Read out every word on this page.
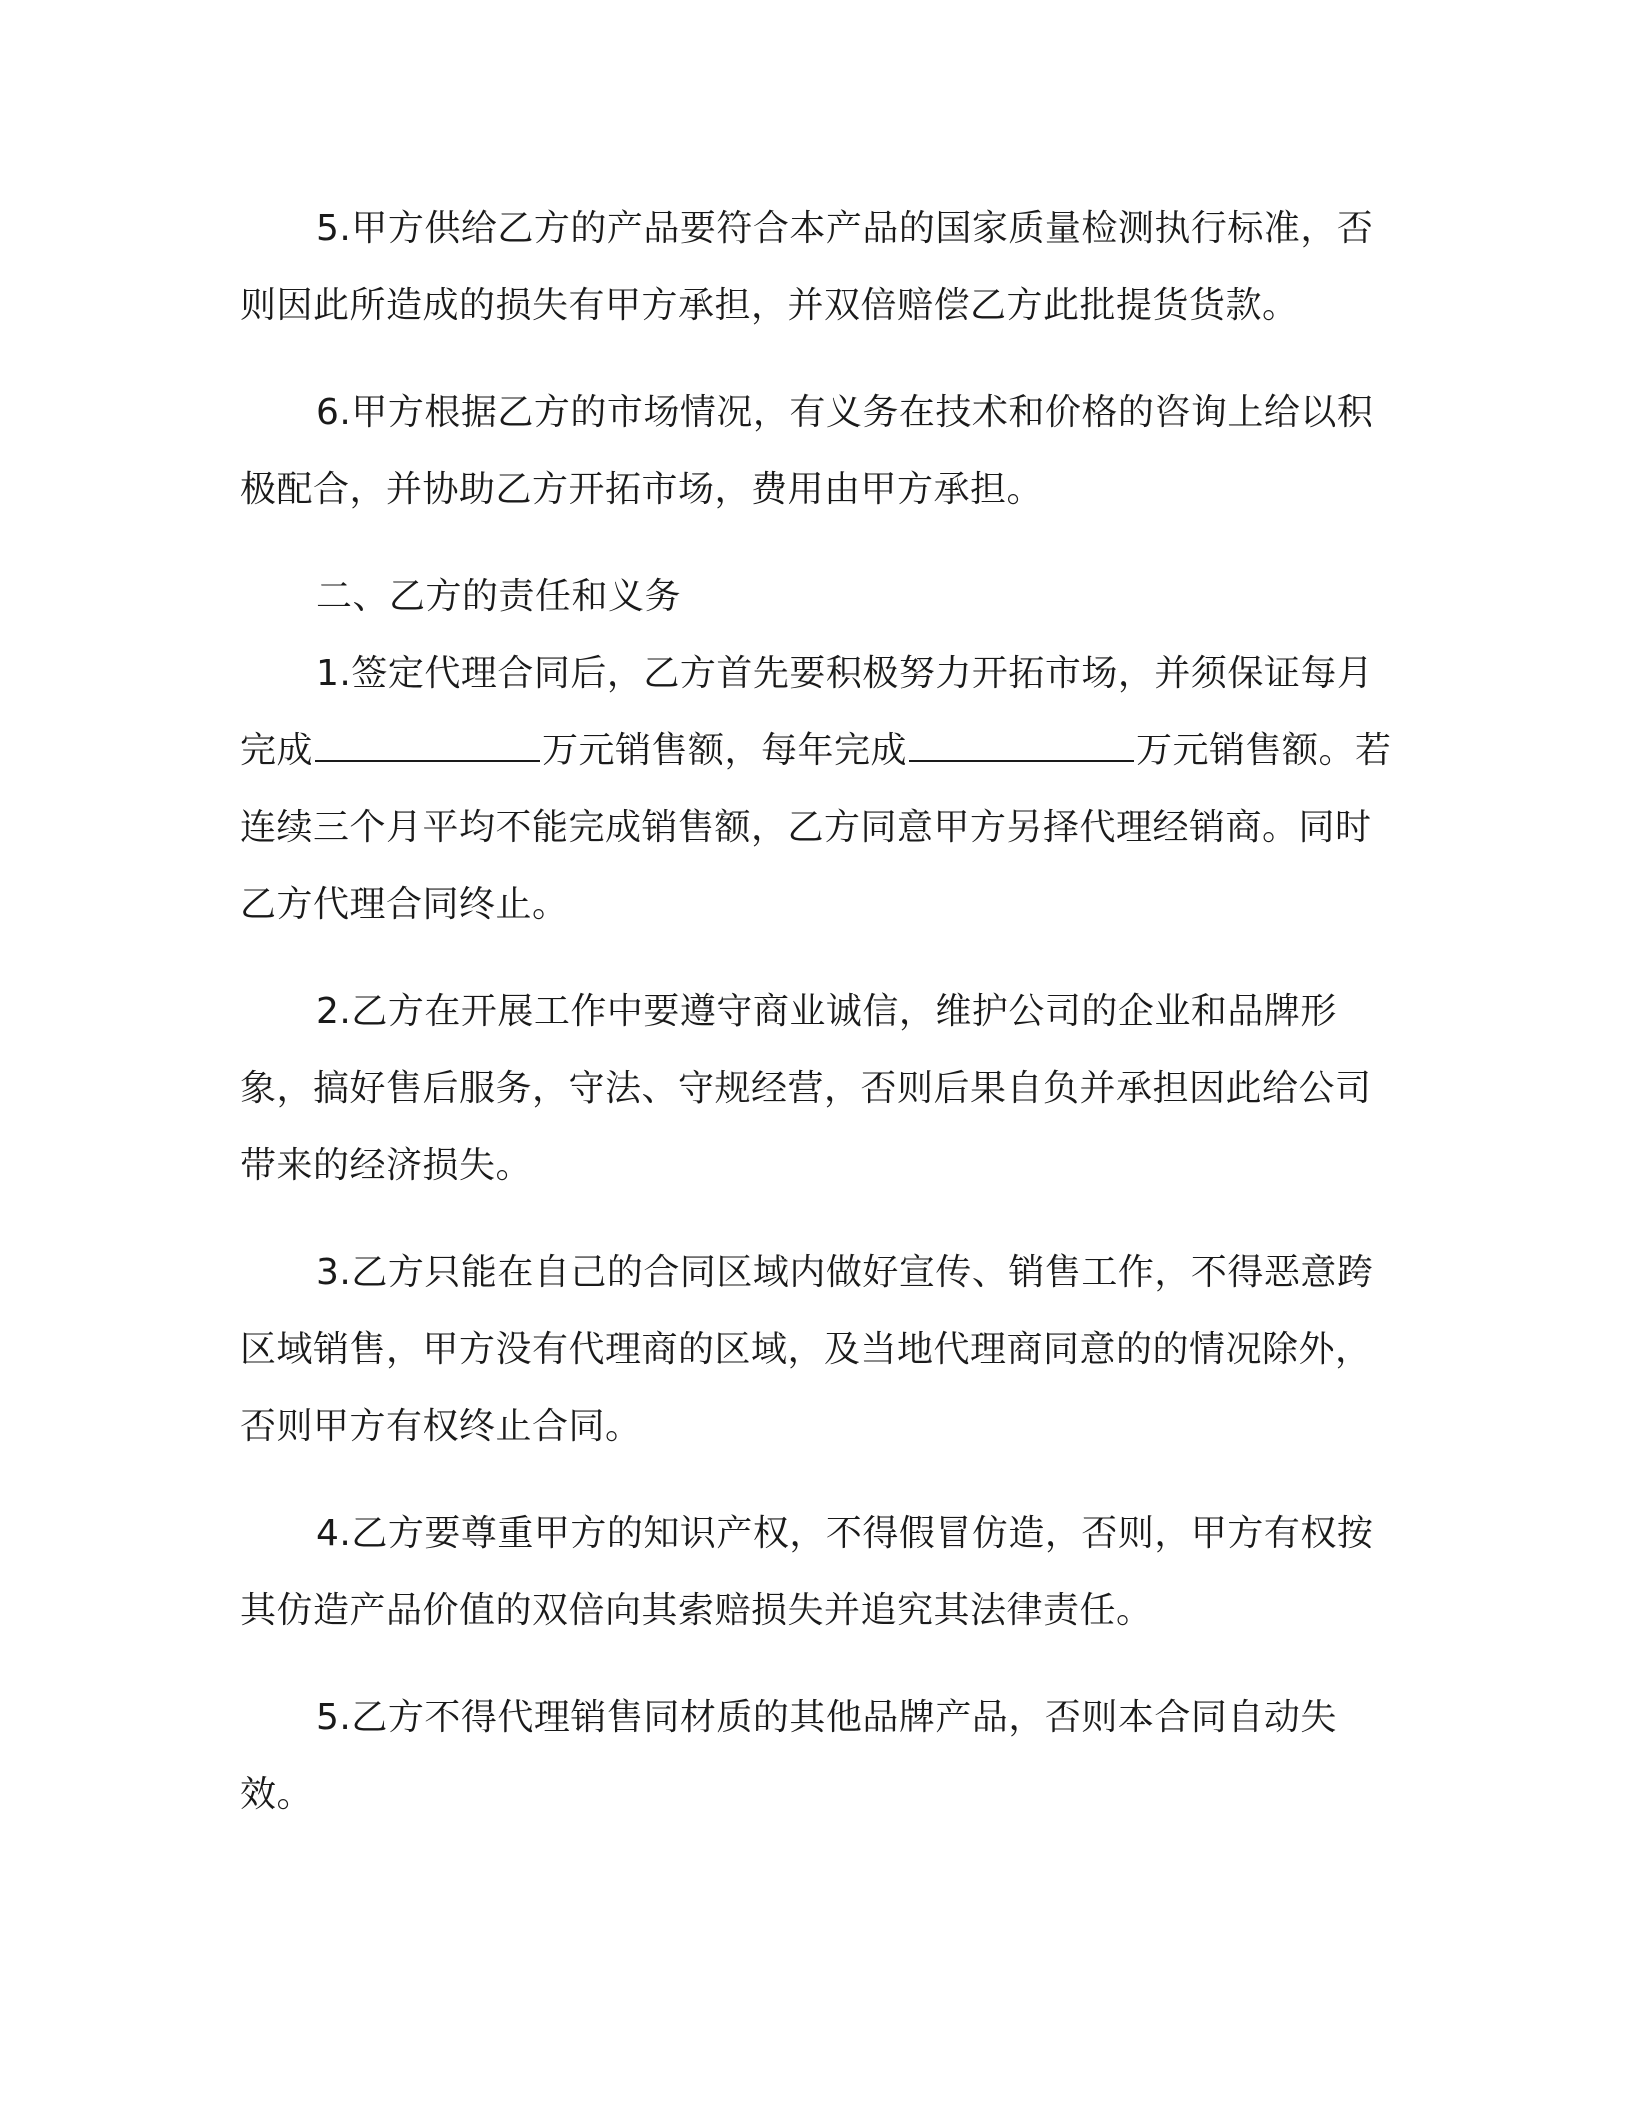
5.甲方供给乙方的产品要符合本产品的国家质量检测执行标准，否则因此所造成的损失有甲方承担，并双倍赔偿乙方此批提货货款。

6.甲方根据乙方的市场情况，有义务在技术和价格的咨询上给以积极配合，并协助乙方开拓市场，费用由甲方承担。

二、乙方的责任和义务

1.签定代理合同后，乙方首先要积极努力开拓市场，并须保证每月完成	万元销售额，每年完成	万元销售额。若连续三个月平均不能完成销售额，乙方同意甲方另择代理经销商。同时乙方代理合同终止。

2.乙方在开展工作中要遵守商业诚信，维护公司的企业和品牌形象，搞好售后服务，守法、守规经营，否则后果自负并承担因此给公司带来的经济损失。

3.乙方只能在自己的合同区域内做好宣传、销售工作，不得恶意跨区域销售，甲方没有代理商的区域，及当地代理商同意的的情况除外，否则甲方有权终止合同。

4.乙方要尊重甲方的知识产权，不得假冒仿造，否则，甲方有权按其仿造产品价值的双倍向其索赔损失并追究其法律责任。

5.乙方不得代理销售同材质的其他品牌产品，否则本合同自动失效。
